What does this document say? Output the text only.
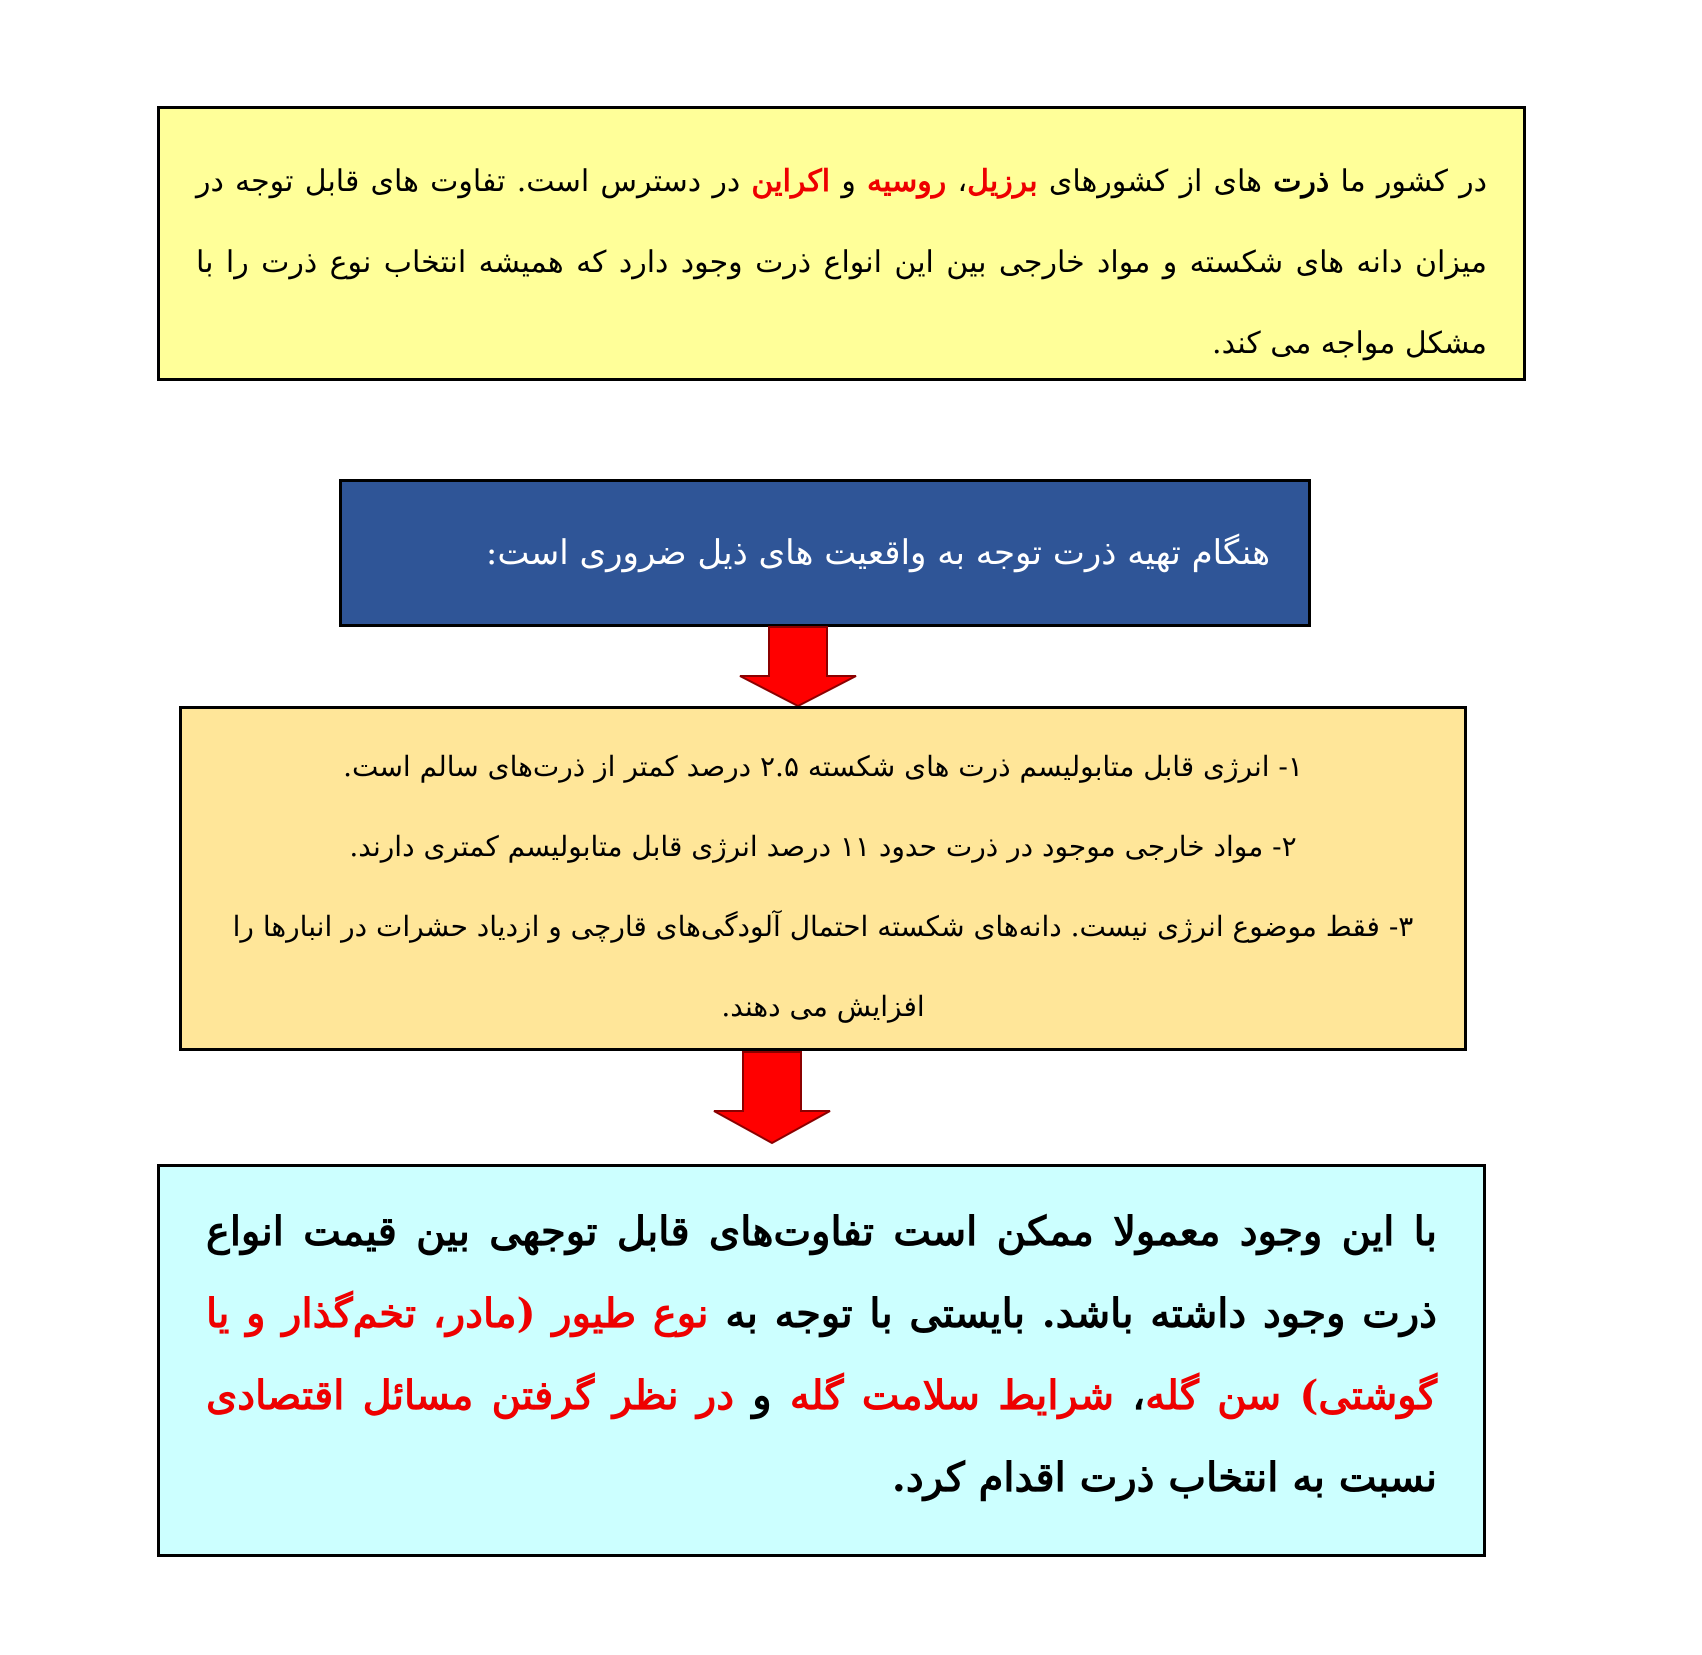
در کشور ما ذرت های از کشورهای برزیل، روسیه و اکراین در دسترس است. تفاوت های قابل توجه در میزان دانه های شکسته و مواد خارجی بین این انواع ذرت وجود دارد که همیشه انتخاب نوع ذرت را با مشکل مواجه می کند.

هنگام تهیه ذرت توجه به واقعیت های ذیل ضروری است:

۱- انرژی قابل متابولیسم ذرت های شکسته ۲.۵ درصد کمتر از ذرت‌های سالم است.

۲- مواد خارجی موجود در ذرت حدود ۱۱ درصد انرژی قابل متابولیسم کمتری دارند.

۳- فقط موضوع انرژی نیست. دانه‌های شکسته احتمال آلودگی‌های قارچی و ازدیاد حشرات در انبارها را افزایش می دهند.

با این وجود معمولا ممکن است تفاوت‌های قابل توجهی بین قیمت انواع ذرت وجود داشته باشد. بایستی با توجه به نوع طیور (مادر، تخم‌گذار و یا گوشتی) سن گله، شرایط سلامت گله و در نظر گرفتن مسائل اقتصادی نسبت به انتخاب ذرت اقدام کرد.
